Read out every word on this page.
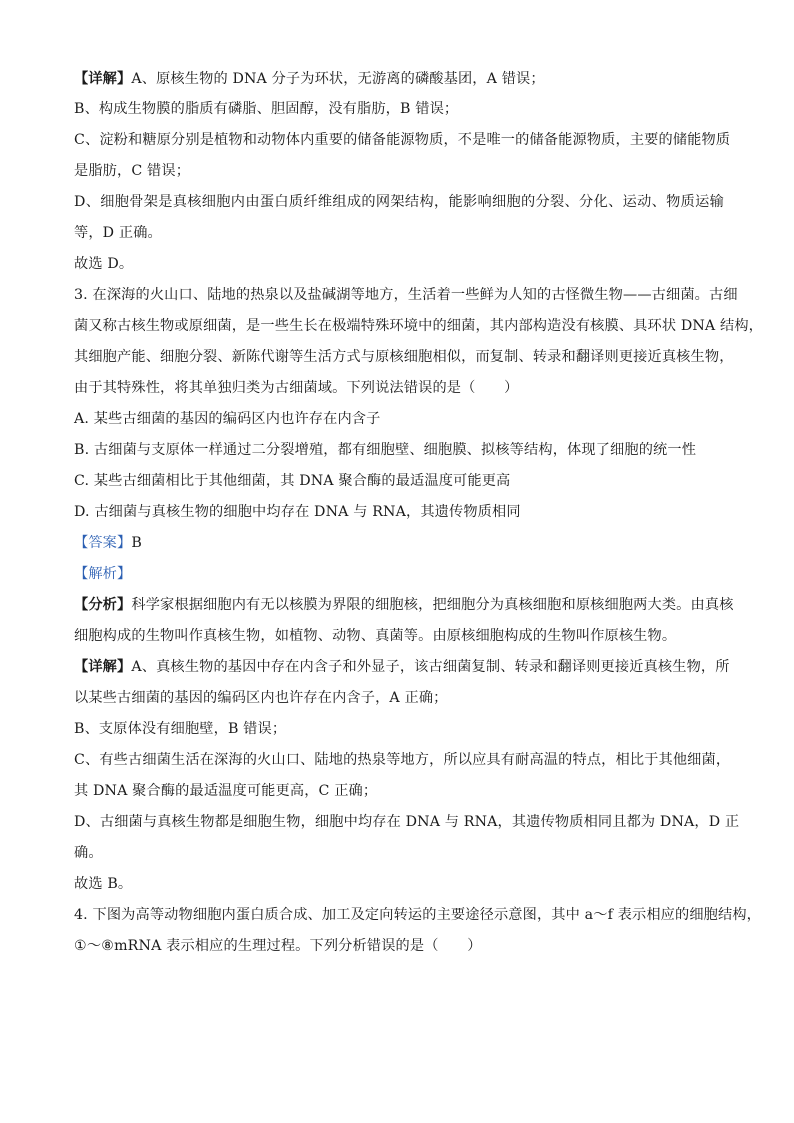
【详解】A、原核生物的 DNA 分子为环状，无游离的磷酸基团，A 错误；
B、构成生物膜的脂质有磷脂、胆固醇，没有脂肪，B 错误；
C、淀粉和糖原分别是植物和动物体内重要的储备能源物质，不是唯一的储备能源物质，主要的储能物质
是脂肪，C 错误；
D、细胞骨架是真核细胞内由蛋白质纤维组成的网架结构，能影响细胞的分裂、分化、运动、物质运输
等，D 正确。
故选 D。
3. 在深海的火山口、陆地的热泉以及盐碱湖等地方，生活着一些鲜为人知的古怪微生物——古细菌。古细
菌又称古核生物或原细菌，是一些生长在极端特殊环境中的细菌，其内部构造没有核膜、具环状 DNA 结构，
其细胞产能、细胞分裂、新陈代谢等生活方式与原核细胞相似，而复制、转录和翻译则更接近真核生物，
由于其特殊性，将其单独归类为古细菌域。下列说法错误的是（　　）
A. 某些古细菌的基因的编码区内也许存在内含子
B. 古细菌与支原体一样通过二分裂增殖，都有细胞壁、细胞膜、拟核等结构，体现了细胞的统一性
C. 某些古细菌相比于其他细菌，其 DNA 聚合酶的最适温度可能更高
D. 古细菌与真核生物的细胞中均存在 DNA 与 RNA，其遗传物质相同
【答案】B
【解析】
【分析】科学家根据细胞内有无以核膜为界限的细胞核，把细胞分为真核细胞和原核细胞两大类。由真核
细胞构成的生物叫作真核生物，如植物、动物、真菌等。由原核细胞构成的生物叫作原核生物。
【详解】A、真核生物的基因中存在内含子和外显子，该古细菌复制、转录和翻译则更接近真核生物，所
以某些古细菌的基因的编码区内也许存在内含子，A 正确；
B、支原体没有细胞壁，B 错误；
C、有些古细菌生活在深海的火山口、陆地的热泉等地方，所以应具有耐高温的特点，相比于其他细菌，
其 DNA 聚合酶的最适温度可能更高，C 正确；
D、古细菌与真核生物都是细胞生物，细胞中均存在 DNA 与 RNA，其遗传物质相同且都为 DNA，D 正
确。
故选 B。
4. 下图为高等动物细胞内蛋白质合成、加工及定向转运的主要途径示意图，其中 a～f 表示相应的细胞结构，
①～⑧mRNA 表示相应的生理过程。下列分析错误的是（　　）
